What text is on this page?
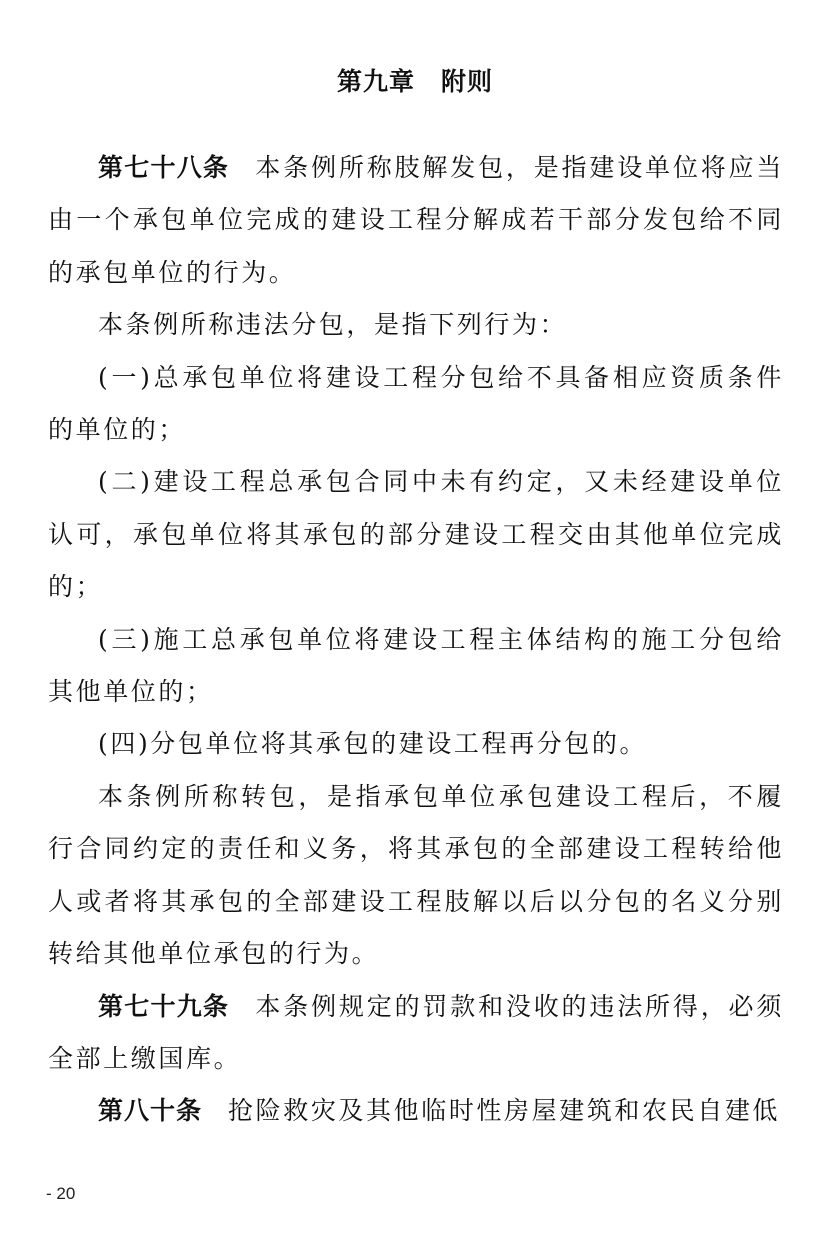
第九章 附则

第七十八条 本条例所称肢解发包，是指建设单位将应当由一个承包单位完成的建设工程分解成若干部分发包给不同的承包单位的行为。

本条例所称违法分包，是指下列行为：

(一)总承包单位将建设工程分包给不具备相应资质条件的单位的；

(二)建设工程总承包合同中未有约定，又未经建设单位认可，承包单位将其承包的部分建设工程交由其他单位完成的；

(三)施工总承包单位将建设工程主体结构的施工分包给其他单位的；

(四)分包单位将其承包的建设工程再分包的。

本条例所称转包，是指承包单位承包建设工程后，不履行合同约定的责任和义务，将其承包的全部建设工程转给他人或者将其承包的全部建设工程肢解以后以分包的名义分别转给其他单位承包的行为。

第七十九条 本条例规定的罚款和没收的违法所得，必须全部上缴国库。

第八十条 抢险救灾及其他临时性房屋建筑和农民自建低

- 20
